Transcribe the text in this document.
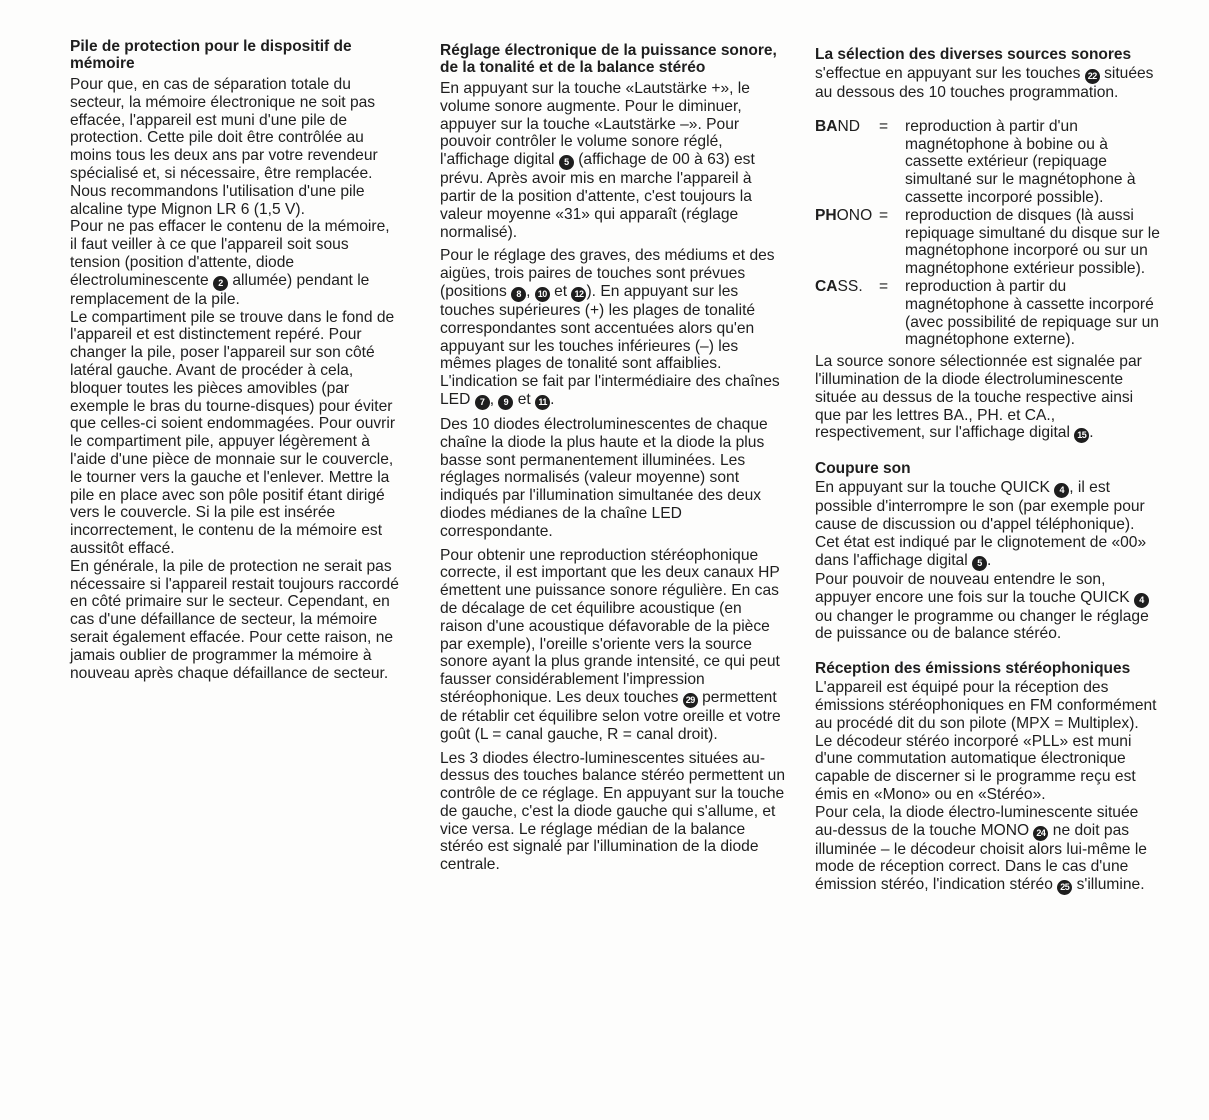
Pile de protection pour le dispositif de mémoire

Pour que, en cas de séparation totale du secteur, la mémoire électronique ne soit pas effacée, l'appareil est muni d'une pile de protection. Cette pile doit être contrôlée au moins tous les deux ans par votre revendeur spécialisé et, si nécessaire, être remplacée. Nous recommandons l'utilisation d'une pile alcaline type Mignon LR 6 (1,5 V).

Pour ne pas effacer le contenu de la mémoire, il faut veiller à ce que l'appareil soit sous tension (position d'attente, diode électroluminescente 2 allumée) pendant le remplacement de la pile.

Le compartiment pile se trouve dans le fond de l'appareil et est distinctement repéré. Pour changer la pile, poser l'appareil sur son côté latéral gauche. Avant de procéder à cela, bloquer toutes les pièces amovibles (par exemple le bras du tourne-disques) pour éviter que celles-ci soient endommagées. Pour ouvrir le compartiment pile, appuyer légèrement à l'aide d'une pièce de monnaie sur le couvercle, le tourner vers la gauche et l'enlever. Mettre la pile en place avec son pôle positif étant dirigé vers le couvercle. Si la pile est insérée incorrectement, le contenu de la mémoire est aussitôt effacé.

En générale, la pile de protection ne serait pas nécessaire si l'appareil restait toujours raccordé en côté primaire sur le secteur. Cependant, en cas d'une défaillance de secteur, la mémoire serait également effacée. Pour cette raison, ne jamais oublier de programmer la mémoire à nouveau après chaque défaillance de secteur.

Réglage électronique de la puissance sonore, de la tonalité et de la balance stéréo

En appuyant sur la touche «Lautstärke +», le volume sonore augmente. Pour le diminuer, appuyer sur la touche «Lautstärke –». Pour pouvoir contrôler le volume sonore réglé, l'affichage digital 5 (affichage de 00 à 63) est prévu. Après avoir mis en marche l'appareil à partir de la position d'attente, c'est toujours la valeur moyenne «31» qui apparaît (réglage normalisé).

Pour le réglage des graves, des médiums et des aigües, trois paires de touches sont prévues (positions 8 , 10 et 12 ). En appuyant sur les touches supérieures (+) les plages de tonalité correspondantes sont accentuées alors qu'en appuyant sur les touches inférieures (–) les mêmes plages de tonalité sont affaiblies. L'indication se fait par l'intermédiaire des chaînes LED 7 , 9 et 11 .

Des 10 diodes électroluminescentes de chaque chaîne la diode la plus haute et la diode la plus basse sont permanentement illuminées. Les réglages normalisés (valeur moyenne) sont indiqués par l'illumination simultanée des deux diodes médianes de la chaîne LED correspondante.

Pour obtenir une reproduction stéréophonique correcte, il est important que les deux canaux HP émettent une puissance sonore régulière. En cas de décalage de cet équilibre acoustique (en raison d'une acoustique défavorable de la pièce par exemple), l'oreille s'oriente vers la source sonore ayant la plus grande intensité, ce qui peut fausser considérablement l'impression stéréophonique. Les deux touches 29 permettent de rétablir cet équilibre selon votre oreille et votre goût (L = canal gauche, R = canal droit).

Les 3 diodes électro-luminescentes situées au-dessus des touches balance stéréo permettent un contrôle de ce réglage. En appuyant sur la touche de gauche, c'est la diode gauche qui s'allume, et vice versa. Le réglage médian de la balance stéréo est signalé par l'illumination de la diode centrale.

La sélection des diverses sources sonores

s'effectue en appuyant sur les touches 22 situées au dessous des 10 touches programmation.

BAND	=	reproduction à partir d'un magnétophone à bobine ou à cassette extérieur (repiquage simultané sur le magnétophone à cassette incorporé possible).
PHONO	=	reproduction de disques (là aussi repiquage simultané du disque sur le magnétophone incorporé ou sur un magnétophone extérieur possible).
CASS.	=	reproduction à partir du magnétophone à cassette incorporé (avec possibilité de repiquage sur un magnétophone externe).

La source sonore sélectionnée est signalée par l'illumination de la diode électroluminescente située au dessus de la touche respective ainsi que par les lettres BA., PH. et CA., respectivement, sur l'affichage digital 15 .

Coupure son

En appuyant sur la touche QUICK 4 , il est possible d'interrompre le son (par exemple pour cause de discussion ou d'appel téléphonique). Cet état est indiqué par le clignotement de «00» dans l'affichage digital 5 .

Pour pouvoir de nouveau entendre le son, appuyer encore une fois sur la touche QUICK 4 ou changer le programme ou changer le réglage de puissance ou de balance stéréo.

Réception des émissions stéréophoniques

L'appareil est équipé pour la réception des émissions stéréophoniques en FM conformément au procédé dit du son pilote (MPX = Multiplex). Le décodeur stéréo incorporé «PLL» est muni d'une commutation automatique électronique capable de discerner si le programme reçu est émis en «Mono» ou en «Stéréo».

Pour cela, la diode électro-luminescente située au-dessus de la touche MONO 24 ne doit pas illuminée – le décodeur choisit alors lui-même le mode de réception correct. Dans le cas d'une émission stéréo, l'indication stéréo 25 s'illumine.
